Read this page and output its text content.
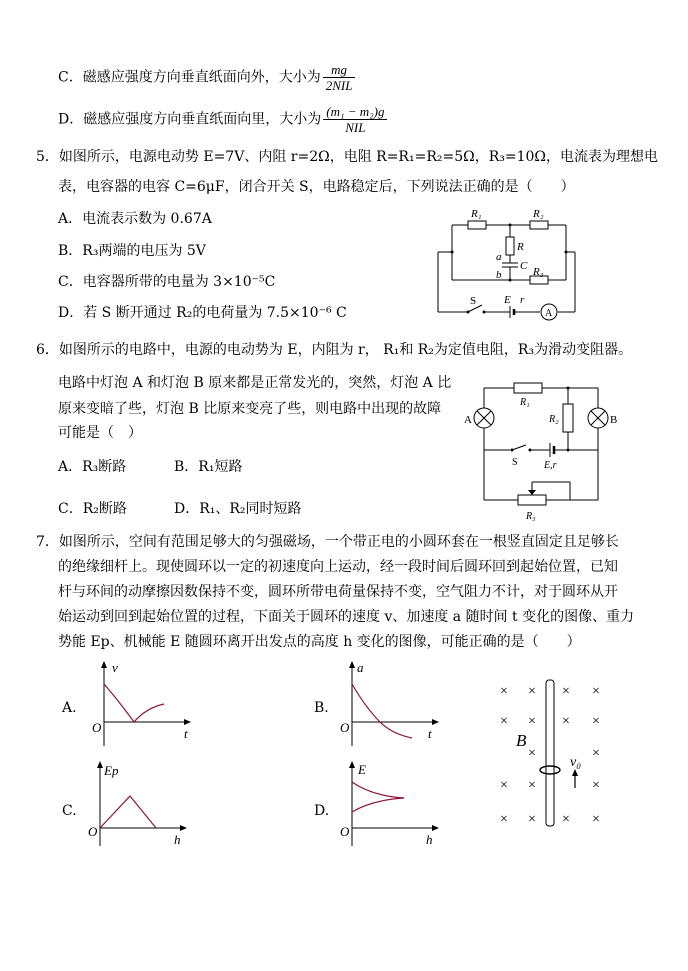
C．磁感应强度方向垂直纸面向外，大小为 $\frac{mg}{\text{2NIL}}$
D．磁感应强度方向垂直纸面向里，大小为 $\frac{\text{(m₁ − m₂)g}}{\text{NIL}}$
5．如图所示，电源电动势 E=7V、内阻 r=2Ω，电阻 R=R₁=R₂=5Ω，R₃=10Ω，电流表为理想电
表，电容器的电容 C=6μF，闭合开关 S，电路稳定后，下列说法正确的是（　　）
A．电流表示数为 0.67A
B．R₃两端的电压为 5V
C．电容器所带的电量为 3×10⁻⁵C
D．若 S 断开通过 R₂的电荷量为 7.5×10⁻⁶ C
R₁	R₂
R
a
C
b	R₃
S	E r
A
6．如图所示的电路中，电源的电动势为 E，内阻为 r， R₁和 R₂为定值电阻，R₃为滑动变阻器。
电路中灯泡 A 和灯泡 B 原来都是正常发光的，突然，灯泡 A 比
原来变暗了些，灯泡 B 比原来变亮了些，则电路中出现的故障
可能是（　）
A．R₃断路	B．R₁短路
C．R₂断路	D．R₁、R₂同时短路
R₁
R₂
A	B
S	E,r
R₃
7．如图所示，空间有范围足够大的匀强磁场，一个带正电的小圆环套在一根竖直固定且足够长
的绝缘细杆上。现使圆环以一定的初速度向上运动，经一段时间后圆环回到起始位置，已知
杆与环间的动摩擦因数保持不变，圆环所带电荷量保持不变，空气阻力不计，对于圆环从开
始运动到回到起始位置的过程，下面关于圆环的速度 v、加速度 a 随时间 t 变化的图像、重力
势能 Ep、机械能 E 随圆环离开出发点的高度 h 变化的图像，可能正确的是（　　）
A.
v
O	t
B.
a
O	t
C.
Ep
O
h
D.
E
O
h
× × × ×
× × × ×
×	×
× ×	×
× × × ×
B
v₀
